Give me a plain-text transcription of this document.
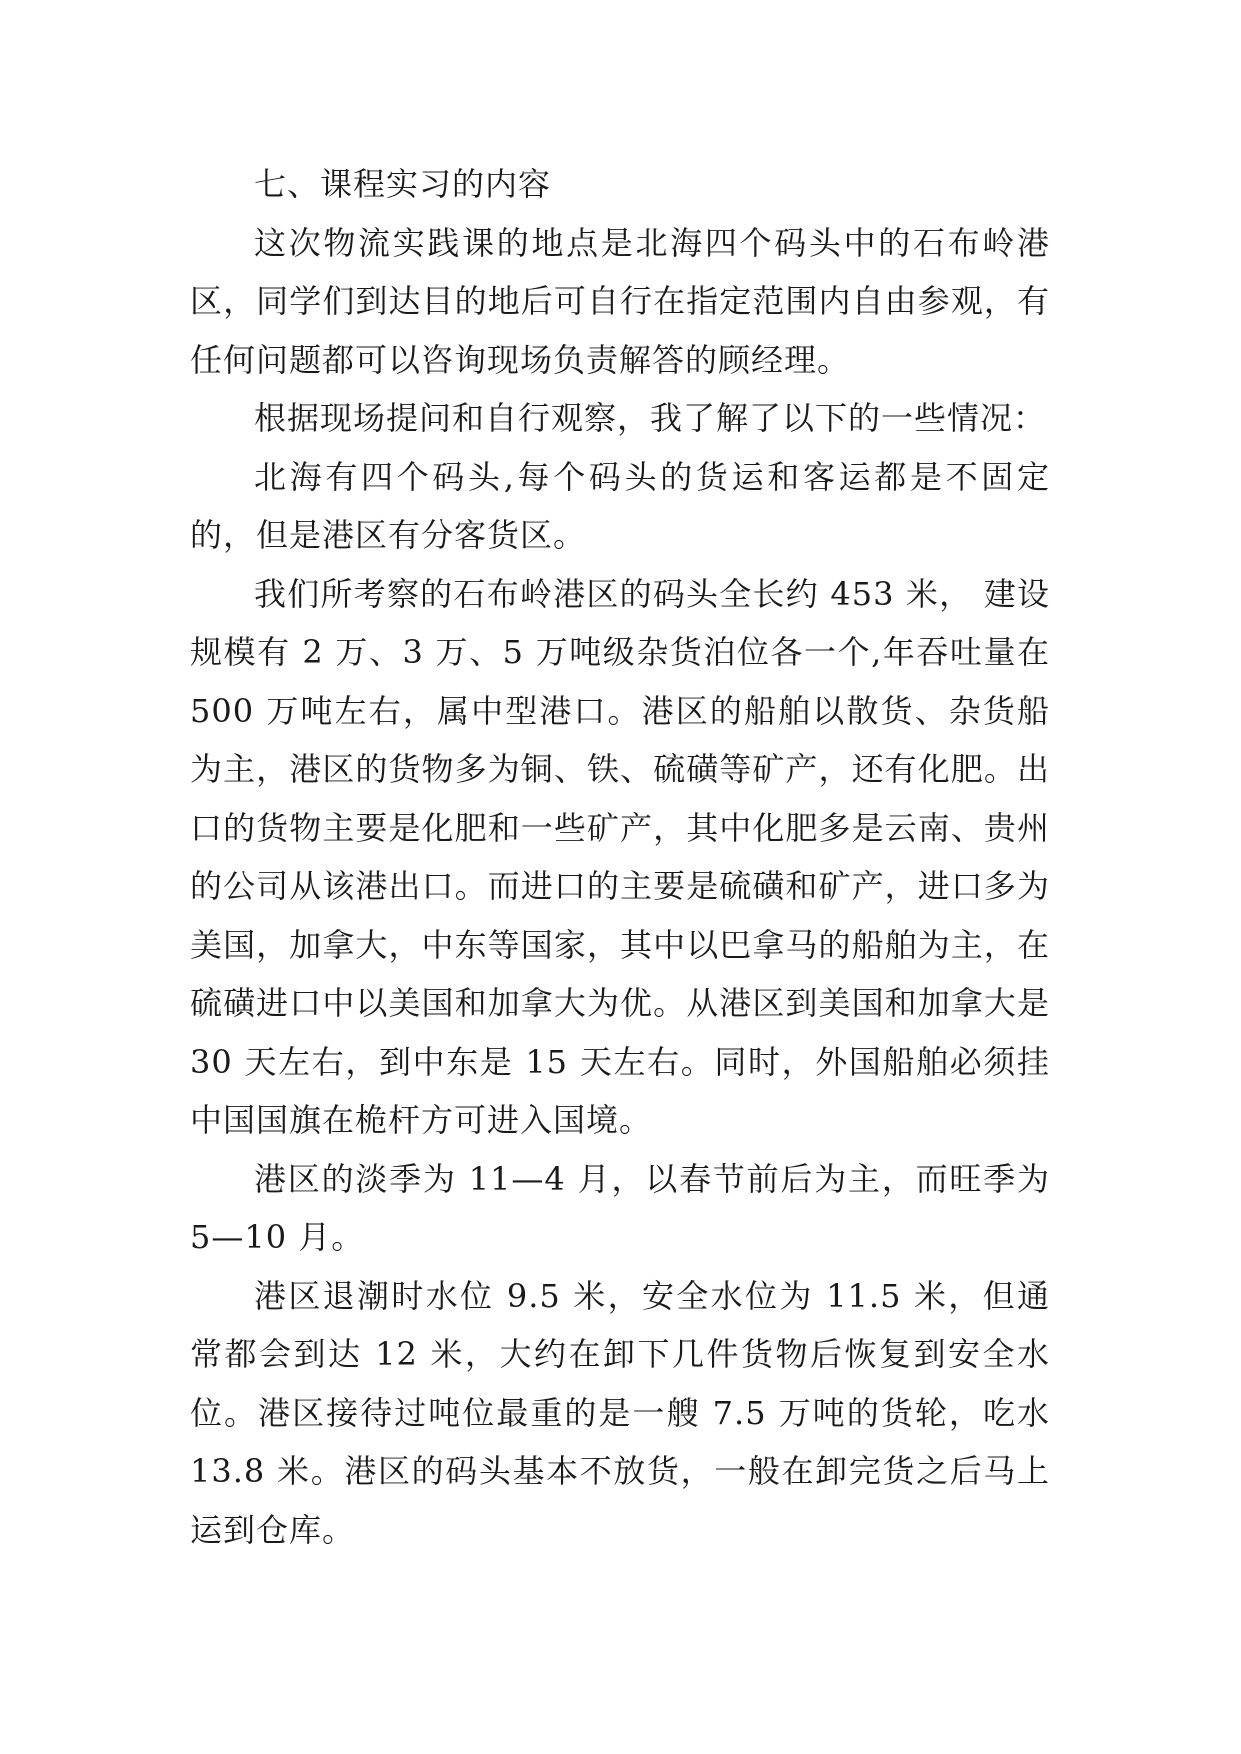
七、课程实习的内容

这次物流实践课的地点是北海四个码头中的石布岭港区，同学们到达目的地后可自行在指定范围内自由参观，有任何问题都可以咨询现场负责解答的顾经理。

根据现场提问和自行观察，我了解了以下的一些情况：

北海有四个码头,每个码头的货运和客运都是不固定的，但是港区有分客货区。

我们所考察的石布岭港区的码头全长约 453 米， 建设规模有 2 万、3 万、5 万吨级杂货泊位各一个,年吞吐量在 500 万吨左右，属中型港口。港区的船舶以散货、杂货船为主，港区的货物多为铜、铁、硫磺等矿产，还有化肥。出口的货物主要是化肥和一些矿产，其中化肥多是云南、贵州的公司从该港出口。而进口的主要是硫磺和矿产，进口多为美国，加拿大，中东等国家，其中以巴拿马的船舶为主，在硫磺进口中以美国和加拿大为优。从港区到美国和加拿大是 30 天左右，到中东是 15 天左右。同时，外国船舶必须挂中国国旗在桅杆方可进入国境。

港区的淡季为 11—4 月，以春节前后为主，而旺季为 5—10 月。

港区退潮时水位 9.5 米，安全水位为 11.5 米，但通常都会到达 12 米，大约在卸下几件货物后恢复到安全水位。港区接待过吨位最重的是一艘 7.5 万吨的货轮，吃水 13.8 米。港区的码头基本不放货，一般在卸完货之后马上运到仓库。
